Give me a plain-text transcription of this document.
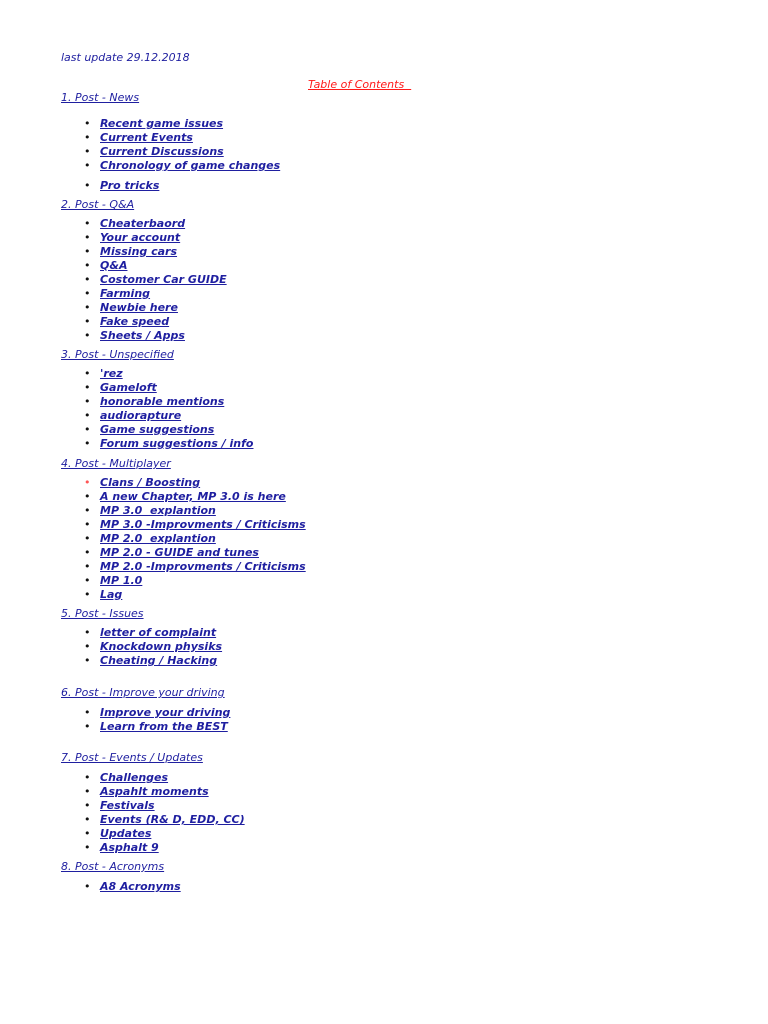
last update 29.12.2018
Table of Contents
1. Post - News
• Recent game issues
• Current Events
• Current Discussions
• Chronology of game changes
• Pro tricks
2. Post - Q&A
• Cheaterbaord
• Your account
• Missing cars
• Q&A
• Costomer Car GUIDE
• Farming
• Newbie here
• Fake speed
• Sheets / Apps
3. Post - Unspecified
• 'rez
• Gameloft
• honorable mentions
• audiorapture
• Game suggestions
• Forum suggestions / info
4. Post - Multiplayer
• Clans / Boosting
• A new Chapter, MP 3.0 is here
• MP 3.0  explantion
• MP 3.0 -Improvments / Criticisms
• MP 2.0  explantion
• MP 2.0 - GUIDE and tunes
• MP 2.0 -Improvments / Criticisms
• MP 1.0
• Lag
5. Post - Issues
• letter of complaint
• Knockdown physiks
• Cheating / Hacking
6. Post - Improve your driving
• Improve your driving
• Learn from the BEST
7. Post - Events / Updates
• Challenges
• Aspahlt moments
• Festivals
• Events (R& D, EDD, CC)
• Updates
• Asphalt 9
8. Post - Acronyms
• A8 Acronyms
